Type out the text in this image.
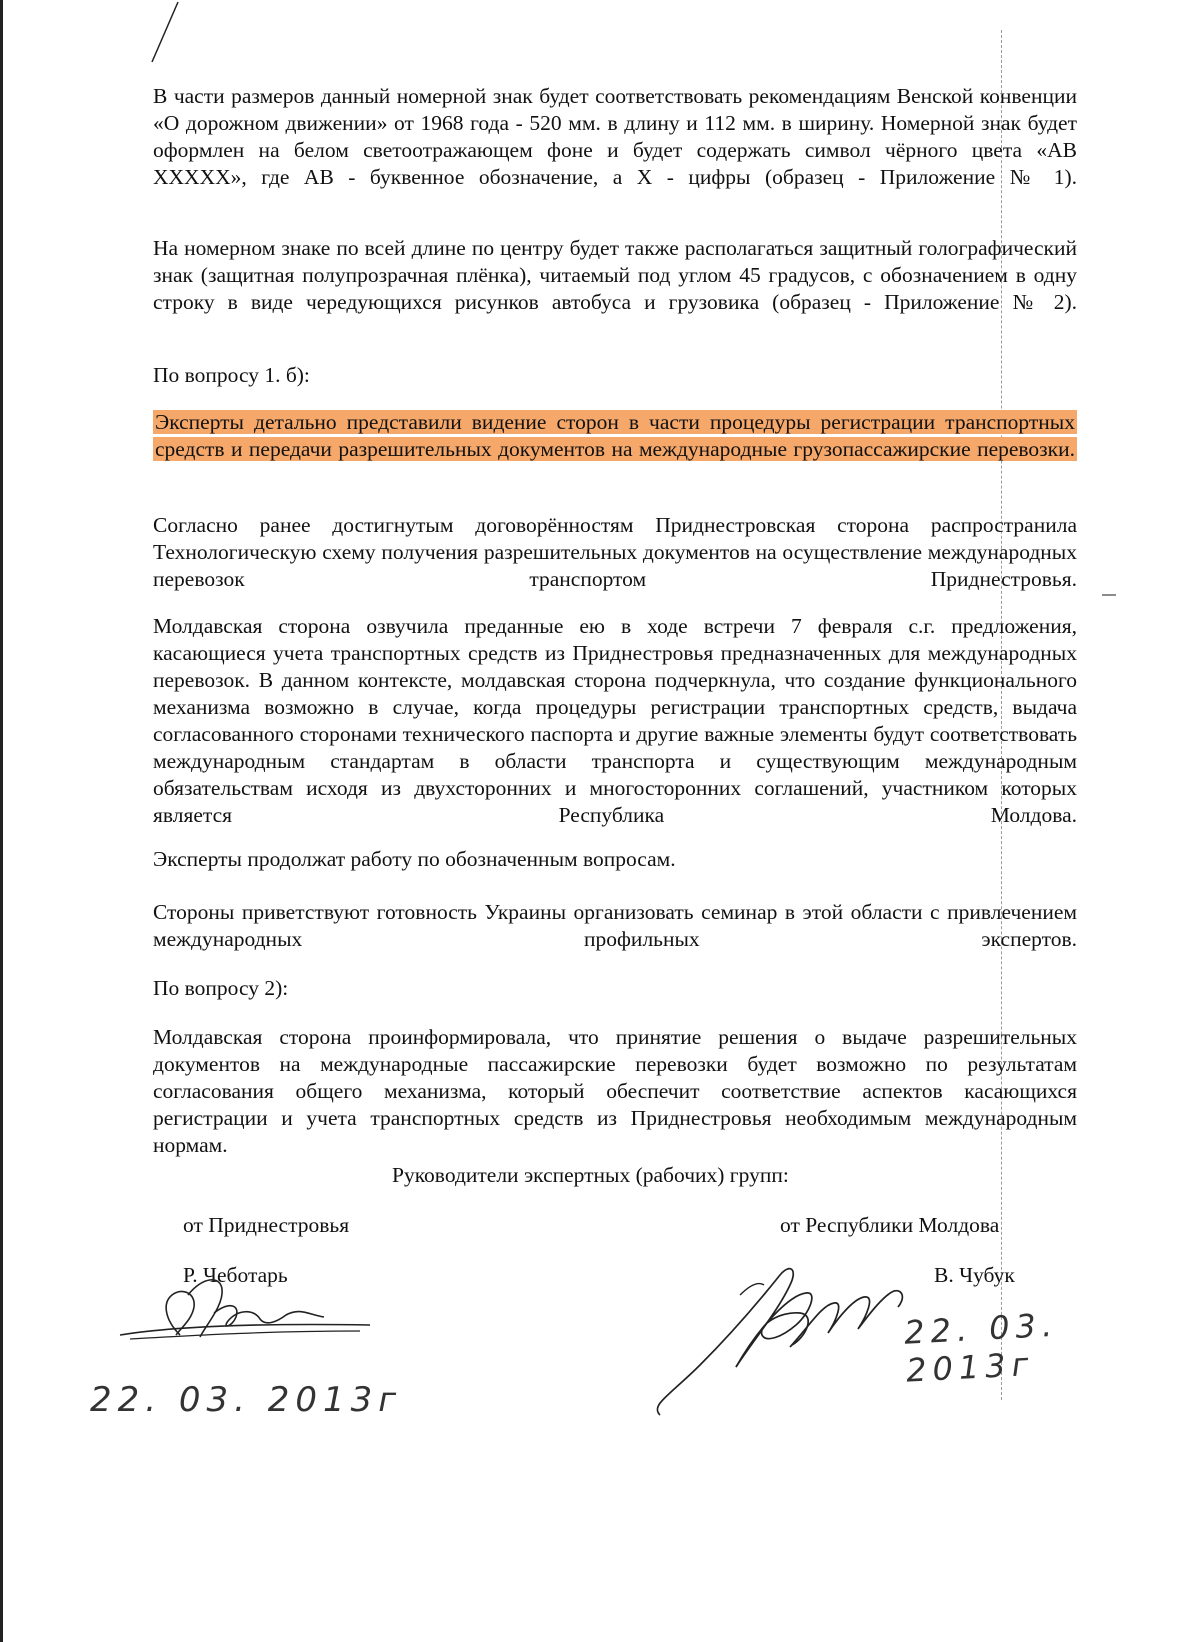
В части размеров данный номерной знак будет соответствовать рекомендациям Венской конвенции «О дорожном движении» от 1968 года - 520 мм. в длину и 112 мм. в ширину. Номерной знак будет оформлен на белом светоотражающем фоне и будет содержать символ чёрного цвета «АВ ХХХХХ», где АВ - буквенное обозначение, а Х - цифры (образец - Приложение № 1).
На номерном знаке по всей длине по центру будет также располагаться защитный голографический знак (защитная полупрозрачная плёнка), читаемый под углом 45 градусов, с обозначением в одну строку в виде чередующихся рисунков автобуса и грузовика (образец - Приложение № 2).
По вопросу 1. б):
Эксперты детально представили видение сторон в части процедуры регистрации транспортных средств и передачи разрешительных документов на международные грузопассажирские перевозки.
Согласно ранее достигнутым договорённостям Приднестровская сторона распространила Технологическую схему получения разрешительных документов на осуществление международных перевозок транспортом Приднестровья.
Молдавская сторона озвучила преданные ею в ходе встречи 7 февраля с.г. предложения, касающиеся учета транспортных средств из Приднестровья предназначенных для международных перевозок. В данном контексте, молдавская сторона подчеркнула, что создание функционального механизма возможно в случае, когда процедуры регистрации транспортных средств, выдача согласованного сторонами технического паспорта и другие важные элементы будут соответствовать международным стандартам в области транспорта и существующим международным обязательствам исходя из двухсторонних и многосторонних соглашений, участником которых является Республика Молдова.
Эксперты продолжат работу по обозначенным вопросам.
Стороны приветствуют готовность Украины организовать семинар в этой области с привлечением международных профильных экспертов.
По вопросу 2):
Молдавская сторона проинформировала, что принятие решения о выдаче разрешительных документов на международные пассажирские перевозки будет возможно по результатам согласования общего механизма, который обеспечит соответствие аспектов касающихся регистрации и учета транспортных средств из Приднестровья необходимым международным нормам.
Руководители экспертных (рабочих) групп:
от Приднестровья	от Республики Молдова
Р. Чеботарь	В. Чубук
22. 03. 2013г
22. 03. 2013г
